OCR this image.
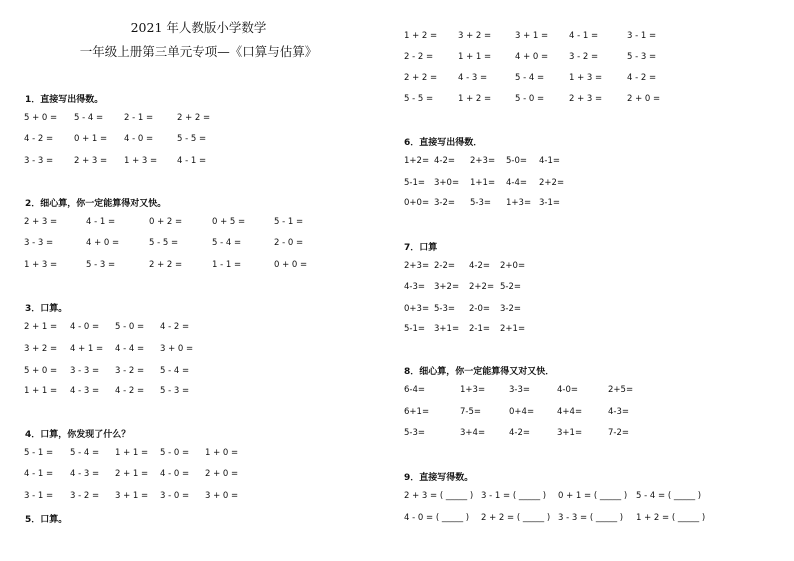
2021 年人教版小学数学
一年级上册第三单元专项—《口算与估算》
1．直接写出得数。
5 + 0 = 5 - 4 = 2 - 1 =	2 + 2 =
4 - 2 = 0 + 1 = 4 - 0 =	5 - 5 =
3 - 3 = 2 + 3 = 1 + 3 = 4 - 1 =
2．细心算，你一定能算得对又快。
2 + 3 =	4 - 1 =	0 + 2 =	0 + 5 =	5 - 1 =
3 - 3 =	4 + 0 =	5 - 5 =	5 - 4 =	2 - 0 =
1 + 3 =	5 - 3 =	2 + 2 =	1 - 1 =	0 + 0 =
3．口算。
2 + 1 = 4 - 0 = 5 - 0 = 4 - 2 =
3 + 2 = 4 + 1 = 4 - 4 = 3 + 0 =
5 + 0 = 3 - 3 = 3 - 2 = 5 - 4 =
1 + 1 = 4 - 3 = 4 - 2 = 5 - 3 =
4．口算，你发现了什么？
5 - 1 = 5 - 4 = 1 + 1 = 5 - 0 = 1 + 0 =
4 - 1 = 4 - 3 = 2 + 1 = 4 - 0 = 2 + 0 =
3 - 1 = 3 - 2 = 3 + 1 = 3 - 0 = 3 + 0 =
5．口算。
1 + 2 = 3 + 2 =	3 + 1 = 4 - 1 =	3 - 1 =
2 - 2 =	1 + 1 =	4 + 0 = 3 - 2 =	5 - 3 =
2 + 2 = 4 - 3 =	5 - 4 =	1 + 3 =	4 - 2 =
5 - 5 =	1 + 2 =	5 - 0 =	2 + 3 =	2 + 0 =
6．直接写出得数．
1+2= 4-2= 2+3= 5-0= 4-1=
5-1= 3+0= 1+1= 4-4= 2+2=
0+0= 3-2= 5-3= 1+3= 3-1=
7．口算
2+3= 2-2= 4-2= 2+0=
4-3= 3+2= 2+2= 5-2=
0+3= 5-3= 2-0= 3-2=
5-1= 3+1= 2-1= 2+1=
8．细心算，你一定能算得又对又快．
6-4=	1+3=	3-3=	4-0=	2+5=
6+1=	7-5=	0+4=	4+4=	4-3=
5-3=	3+4=	4-2=	3+1=	7-2=
9．直接写得数。
2 + 3 = ( _____ ) 3 - 1 = ( _____ ) 0 + 1 = ( _____ ) 5 - 4 = ( _____ )
4 - 0 = ( _____ ) 2 + 2 = ( _____ ) 3 - 3 = ( _____ ) 1 + 2 = ( _____ )
